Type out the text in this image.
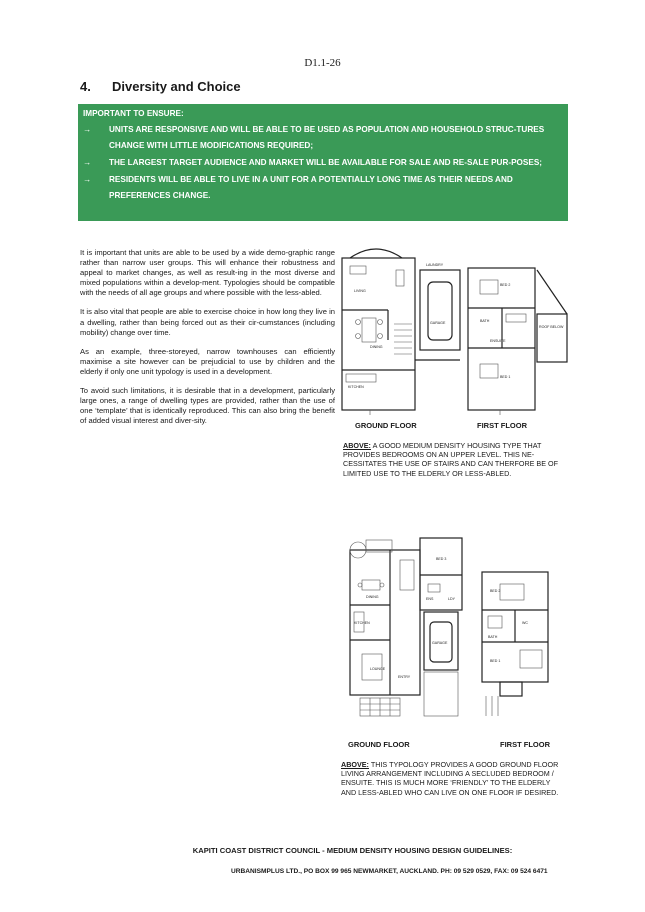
D1.1-26
4. Diversity and Choice
IMPORTANT TO ENSURE:
→	UNITS ARE RESPONSIVE AND WILL BE ABLE TO BE USED AS POPULATION AND HOUSEHOLD STRUC-TURES CHANGE WITH LITTLE MODIFICATIONS REQUIRED;
→	THE LARGEST TARGET AUDIENCE AND MARKET WILL BE AVAILABLE FOR SALE AND RE-SALE PUR-POSES;
→	RESIDENTS WILL BE ABLE TO LIVE IN A UNIT FOR A POTENTIALLY LONG TIME AS THEIR NEEDS AND PREFERENCES CHANGE.

It is important that units are able to be used by a wide demo-graphic range rather than narrow user groups. This will enhance their robustness and appeal to market changes, as well as result-ing in the most diverse and mixed populations within a develop-ment. Typologies should be compatible with the needs of all age groups and where possible with the less-abled.

It is also vital that people are able to exercise choice in how long they live in a dwelling, rather than being forced out as their cir-cumstances (including mobility) change over time.

As an example, three-storeyed, narrow townhouses can efficiently maximise a site however can be prejudicial to use by children and the elderly if only one unit typology is used in a development.

To avoid such limitations, it is desirable that in a development, particularly large ones, a range of dwelling types are provided, rather than the use of one ‘template’ that is identically reproduced. This can also bring the benefit of added visual interest and diver-sity.

LIVING
DINING
KITCHEN
GARAGE
LAUNDRY
BED 2
BATH
ENSUITE
BED 1
ROOF BELOW
GROUND FLOOR	FIRST FLOOR
ABOVE: A GOOD MEDIUM DENSITY HOUSING TYPE THAT PROVIDES BEDROOMS ON AN UPPER LEVEL. THIS NE-CESSITATES THE USE OF STAIRS AND CAN THERFORE BE OF LIMITED USE TO THE ELDERLY OR LESS-ABLED.
DINING
KITCHEN
LOUNGE
GARAGE
BED 3
ENTRY
ENS	LDY
BED 2
BATH
WC
BED 1
GROUND FLOOR	FIRST FLOOR
ABOVE: THIS TYPOLOGY PROVIDES A GOOD GROUND FLOOR LIVING ARRANGEMENT INCLUDING A SECLUDED BEDROOM / ENSUITE. THIS IS MUCH MORE ‘FRIENDLY’ TO THE ELDERLY AND LESS-ABLED WHO CAN LIVE ON ONE FLOOR IF DESIRED.
KAPITI COAST DISTRICT COUNCIL - MEDIUM DENSITY HOUSING DESIGN GUIDELINES:
URBANISMPLUS LTD., PO BOX 99 965 NEWMARKET, AUCKLAND. PH: 09 529 0529, FAX: 09 524 6471
